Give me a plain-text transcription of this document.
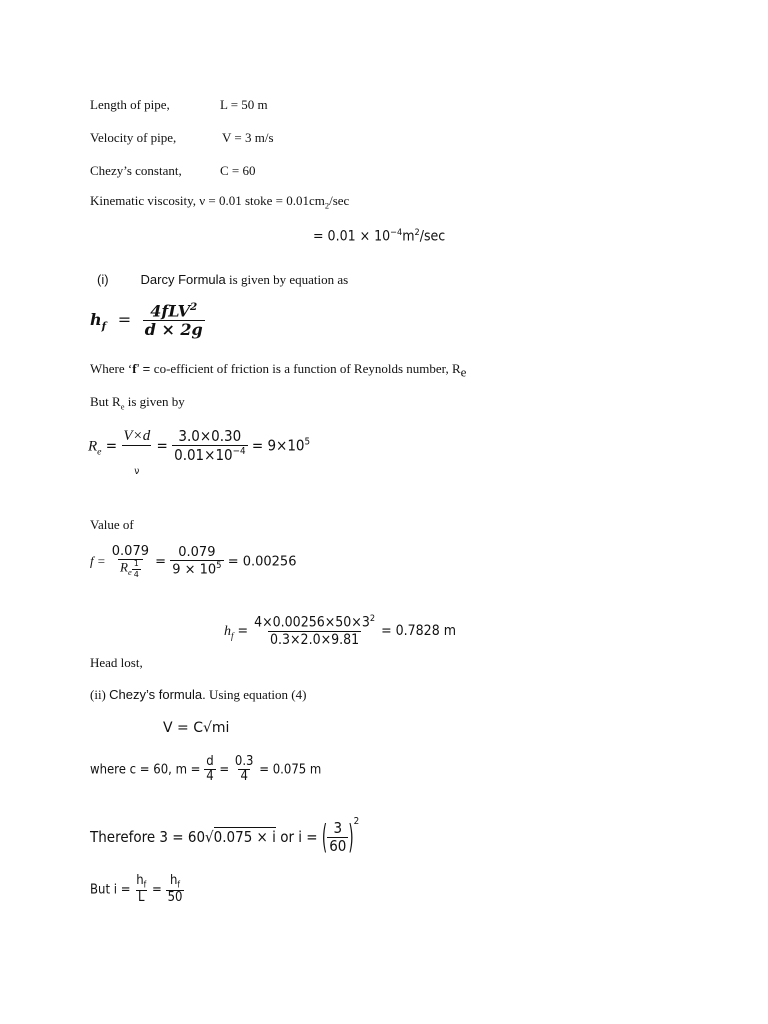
Length of pipe,	L = 50 m
Velocity of pipe,	V = 3 m/s
Chezy’s constant,	C = 60
Kinematic viscosity, ν = 0.01 stoke = $0.01cm_2/\sec$
= $0.01 \times 10^{-4}m^2/\sec$
(i) Darcy Formula is given by equation as
$h_f = \frac{4fLV^2}{d \times 2g}$
Where ‘f’ = co-efficient of friction is a function of Reynolds number, $R_e$
But $R_e$ is given by
$R_e = \frac{V\times d}{\nu} = \frac{3.0\times 0.30}{0.01\times 10^{-4}} = 9\times 10^5$
Value of
$f = \frac{0.079}{R_e \frac{1}{4}} = \frac{0.079}{9 \times 10^5} = 0.00256$
$h_f = \frac{4\times 0.00256\times 50\times 3^2}{0.3\times 2.0\times 9.81} = 0.7828$ m
Head lost,
(ii) Chezy’s formula. Using equation (4)
V = C√mi
where c = 60, $m = \frac{d}{4} = \frac{0.3}{4} = 0.075$ m
Therefore 3 = 60√0.075 × i or i = ( $\frac{3}{60} )^2$
But $i = \frac{h_f}{L} = \frac{h_f}{50}$
